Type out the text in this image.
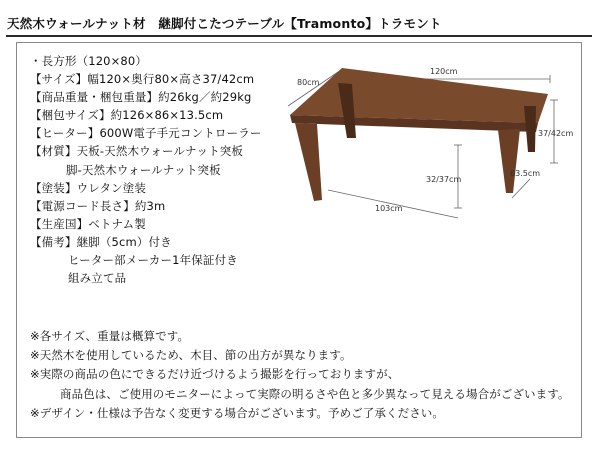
天然木ウォールナット材　継脚付こたつテーブル【Tramonto】トラモント
・長方形（120×80）
【サイズ】幅120×奥行80×高さ37/42cm
【商品重量・梱包重量】約26kg／約29kg
【梱包サイズ】約126×86×13.5cm
【ヒーター】600W電子手元コントローラー
【材質】天板-天然木ウォールナット突板
脚-天然木ウォールナット突板
【塗装】ウレタン塗装
【電源コード長さ】約3m
【生産国】ベトナム製
【備考】継脚（5cm）付き
ヒーター部メーカー1年保証付き
組み立て品
120cm
80cm
37/42cm
32/37cm
103cm
63.5cm
※各サイズ、重量は概算です。
※天然木を使用しているため、木目、節の出方が異なります。
※実際の商品の色にできるだけ近づけるよう撮影を行っておりますが、
商品色は、ご使用のモニターによって実際の明るさや色と多少異なって見える場合がございます。
※デザイン・仕様は予告なく変更する場合がございます。予めご了承ください。
